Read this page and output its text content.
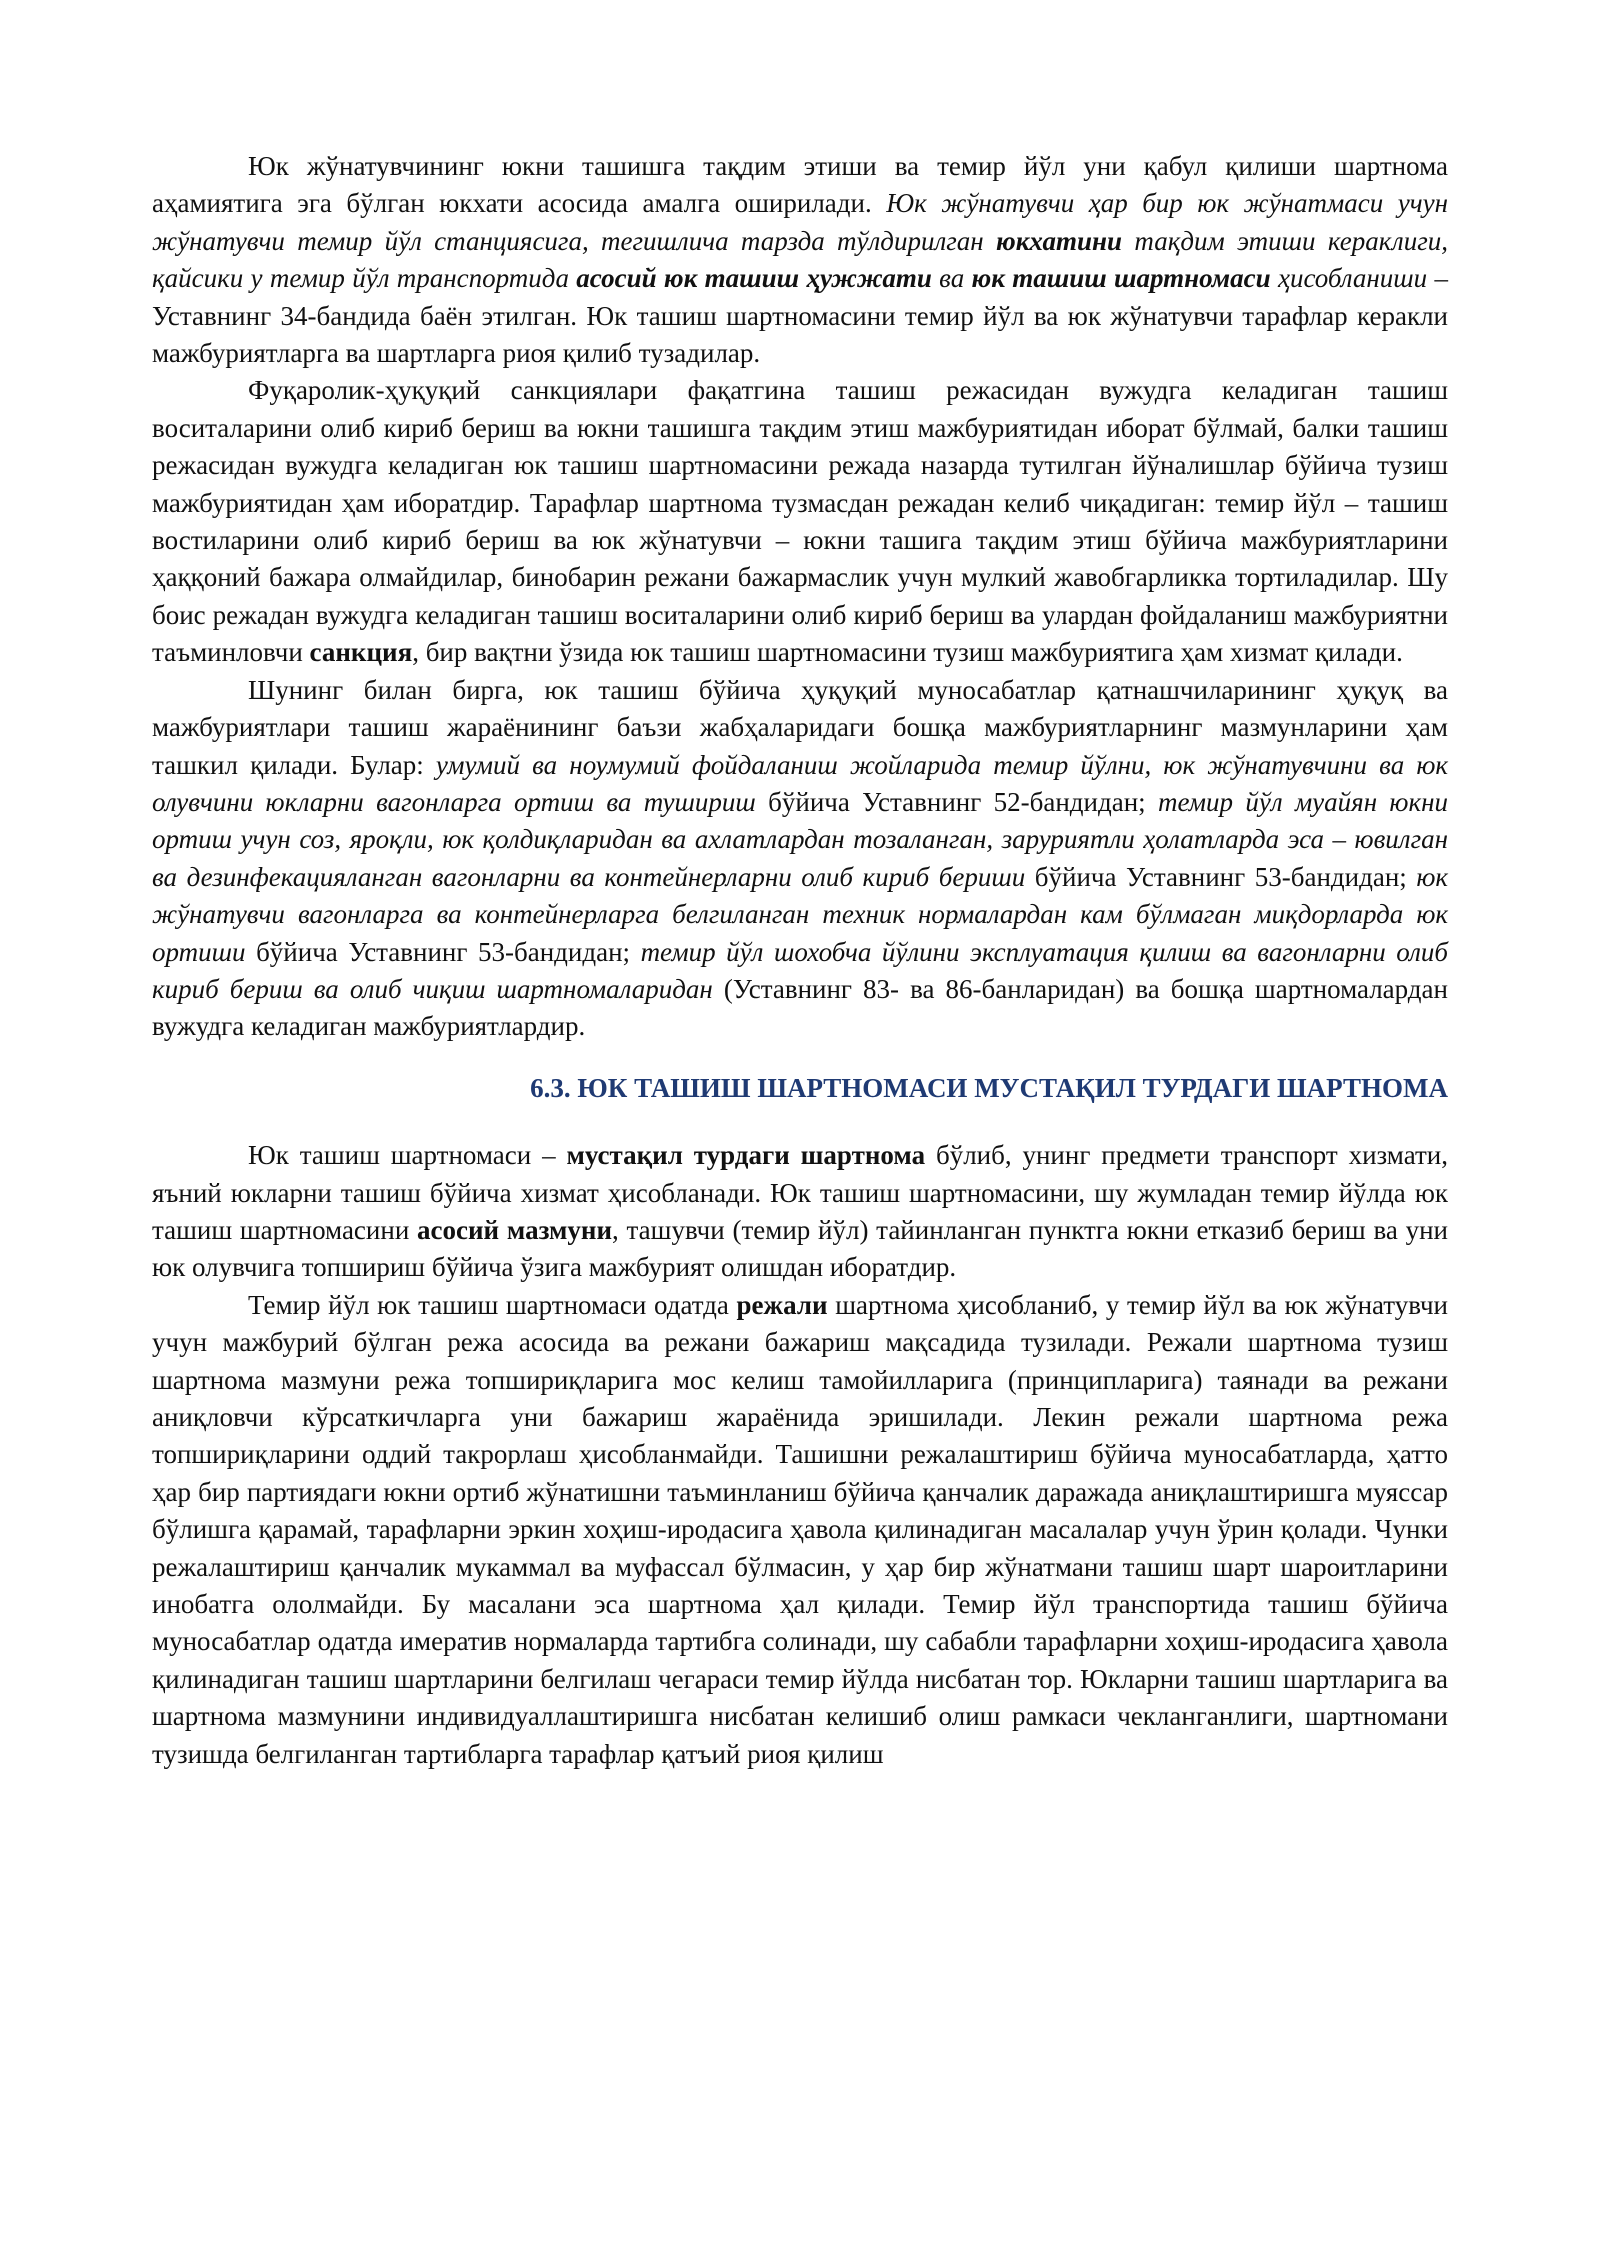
Юк жўнатувчининг юкни ташишга тақдим этиши ва темир йўл уни қабул қилиши шартнома аҳамиятига эга бўлган юкхати асосида амалга оширилади. Юк жўнатувчи ҳар бир юк жўнатмаси учун жўнатувчи темир йўл станциясига, тегишлича тарзда тўлдирилган юкхатини тақдим этиши кераклиги, қайсики у темир йўл транспортида асосий юк ташиш ҳужжати ва юк ташиш шартномаси ҳисобланиши – Уставнинг 34-бандида баён этилган. Юк ташиш шартномасини темир йўл ва юк жўнатувчи тарафлар керакли мажбуриятларга ва шартларга риоя қилиб тузадилар.

Фуқаролик-ҳуқуқий санкциялари фақатгина ташиш режасидан вужудга келадиган ташиш воситаларини олиб кириб бериш ва юкни ташишга тақдим этиш мажбуриятидан иборат бўлмай, балки ташиш режасидан вужудга келадиган юк ташиш шартномасини режада назарда тутилган йўналишлар бўйича тузиш мажбуриятидан ҳам иборатдир. Тарафлар шартнома тузмасдан режадан келиб чиқадиган: темир йўл – ташиш востиларини олиб кириб бериш ва юк жўнатувчи – юкни ташига тақдим этиш бўйича мажбуриятларини ҳаққоний бажара олмайдилар, бинобарин режани бажармаслик учун мулкий жавобгарликка тортиладилар. Шу боис режадан вужудга келадиган ташиш воситаларини олиб кириб бериш ва улардан фойдаланиш мажбуриятни таъминловчи санкция, бир вақтни ўзида юк ташиш шартномасини тузиш мажбуриятига ҳам хизмат қилади.

Шунинг билан бирга, юк ташиш бўйича ҳуқуқий муносабатлар қатнашчиларининг ҳуқуқ ва мажбуриятлари ташиш жараёнининг баъзи жабҳаларидаги бошқа мажбуриятларнинг мазмунларини ҳам ташкил қилади. Булар: умумий ва ноумумий фойдаланиш жойларида темир йўлни, юк жўнатувчини ва юк олувчини юкларни вагонларга ортиш ва тушириш бўйича Уставнинг 52-бандидан; темир йўл муайян юкни ортиш учун соз, яроқли, юк қолдиқларидан ва ахлатлардан тозаланган, заруриятли ҳолатларда эса – ювилган ва дезинфекацияланган вагонларни ва контейнерларни олиб кириб бериши бўйича Уставнинг 53-бандидан; юк жўнатувчи вагонларга ва контейнерларга белгиланган техник нормалардан кам бўлмаган миқдорларда юк ортиши бўйича Уставнинг 53-бандидан; темир йўл шохобча йўлини эксплуатация қилиш ва вагонларни олиб кириб бериш ва олиб чиқиш шартномаларидан (Уставнинг 83- ва 86-банларидан) ва бошқа шартномалардан вужудга келадиган мажбуриятлардир.

6.3. ЮК ТАШИШ ШАРТНОМАСИ МУСТАҚИЛ ТУРДАГИ ШАРТНОМА

Юк ташиш шартномаси – мустақил турдаги шартнома бўлиб, унинг предмети транспорт хизмати, яъний юкларни ташиш бўйича хизмат ҳисобланади. Юк ташиш шартномасини, шу жумладан темир йўлда юк ташиш шартномасини асосий мазмуни, ташувчи (темир йўл) тайинланган пунктга юкни етказиб бериш ва уни юк олувчига топшириш бўйича ўзига мажбурият олишдан иборатдир.

Темир йўл юк ташиш шартномаси одатда режали шартнома ҳисобланиб, у темир йўл ва юк жўнатувчи учун мажбурий бўлган режа асосида ва режани бажариш мақсадида тузилади. Режали шартнома тузиш шартнома мазмуни режа топшириқларига мос келиш тамойилларига (принципларига) таянади ва режани аниқловчи кўрсаткичларга уни бажариш жараёнида эришилади. Лекин режали шартнома режа топшириқларини оддий такрорлаш ҳисобланмайди. Ташишни режалаштириш бўйича муносабатларда, ҳатто ҳар бир партиядаги юкни ортиб жўнатишни таъминланиш бўйича қанчалик даражада аниқлаштиришга муяссар бўлишга қарамай, тарафларни эркин хоҳиш-иродасига ҳавола қилинадиган масалалар учун ўрин қолади. Чунки режалаштириш қанчалик мукаммал ва муфассал бўлмасин, у ҳар бир жўнатмани ташиш шарт шароитларини инобатга ололмайди. Бу масалани эса шартнома ҳал қилади. Темир йўл транспортида ташиш бўйича муносабатлар одатда имератив нормаларда тартибга солинади, шу сабабли тарафларни хоҳиш-иродасига ҳавола қилинадиган ташиш шартларини белгилаш чегараси темир йўлда нисбатан тор. Юкларни ташиш шартларига ва шартнома мазмунини индивидуаллаштиришга нисбатан келишиб олиш рамкаси чекланганлиги, шартномани тузишда белгиланган тартибларга тарафлар қатъий риоя қилиш
